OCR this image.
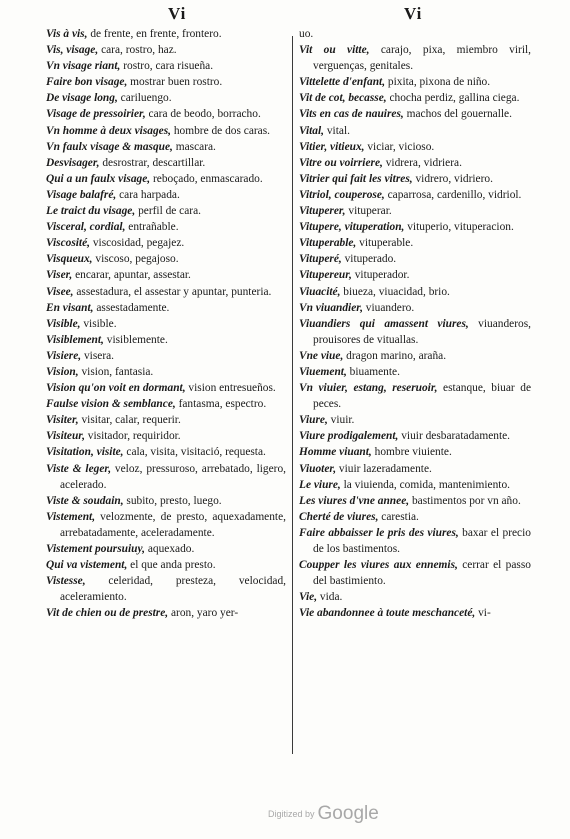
Vi	Vi

Vis à vis, de frente, en frente, frontero.

Vis, visage, cara, rostro, haz.

Vn visage riant, rostro, cara risueña.

Faire bon visage, mostrar buen rostro.

De visage long, cariluengo.

Visage de pressoirier, cara de beodo, borracho.

Vn homme à deux visages, hombre de dos caras.

Vn faulx visage & masque, mascara.

Desvisager, desrostrar, descartillar.

Qui a un faulx visage, reboçado, enmascarado.

Visage balafré, cara harpada.

Le traict du visage, perfil de cara.

Visceral, cordial, entrañable.

Viscosité, viscosidad, pegajez.

Visqueux, viscoso, pegajoso.

Viser, encarar, apuntar, assestar.

Visee, assestadura, el assestar y apuntar, punteria.

En visant, assestadamente.

Visible, visible.

Visiblement, visiblemente.

Visiere, visera.

Vision, vision, fantasia.

Vision qu'on voit en dormant, vision entresueños.

Faulse vision & semblance, fantasma, espectro.

Visiter, visitar, calar, requerir.

Visiteur, visitador, requiridor.

Visitation, visite, cala, visita, visitació, requesta.

Viste & leger, veloz, pressuroso, arrebatado, ligero, acelerado.

Viste & soudain, subito, presto, luego.

Vistement, velozmente, de presto, aquexadamente, arrebatadamente, aceleradamente.

Vistement poursuiuy, aquexado.

Qui va vistement, el que anda presto.

Vistesse, celeridad, presteza, velocidad, aceleramiento.

Vit de chien ou de prestre, aron, yaro yer-

uo.

Vit ou vitte, carajo, pixa, miembro viril, verguenças, genitales.

Vittelette d'enfant, pixita, pixona de niño.

Vit de cot, becasse, chocha perdiz, gallina ciega.

Vits en cas de nauires, machos del gouernalle.

Vital, vital.

Vitier, vitieux, viciar, vicioso.

Vitre ou voirriere, vidrera, vidriera.

Vitrier qui fait les vitres, vidrero, vidriero.

Vitriol, couperose, caparrosa, cardenillo, vidriol.

Vituperer, vituperar.

Vitupere, vituperation, vituperio, vituperacion.

Vituperable, vituperable.

Vituperé, vituperado.

Vitupereur, vituperador.

Viuacité, biueza, viuacidad, brio.

Vn viuandier, viuandero.

Viuandiers qui amassent viures, viuanderos, prouisores de vituallas.

Vne viue, dragon marino, araña.

Viuement, biuamente.

Vn viuier, estang, reseruoir, estanque, biuar de peces.

Viure, viuir.

Viure prodigalement, viuir desbaratadamente.

Homme viuant, hombre viuiente.

Viuoter, viuir lazeradamente.

Le viure, la viuienda, comida, mantenimiento.

Les viures d'vne annee, bastimentos por vn año.

Cherté de viures, carestia.

Faire abbaisser le pris des viures, baxar el precio de los bastimentos.

Coupper les viures aux ennemis, cerrar el passo del bastimiento.

Vie, vida.

Vie abandonnee à toute meschanceté, vi-

Digitized by Google
